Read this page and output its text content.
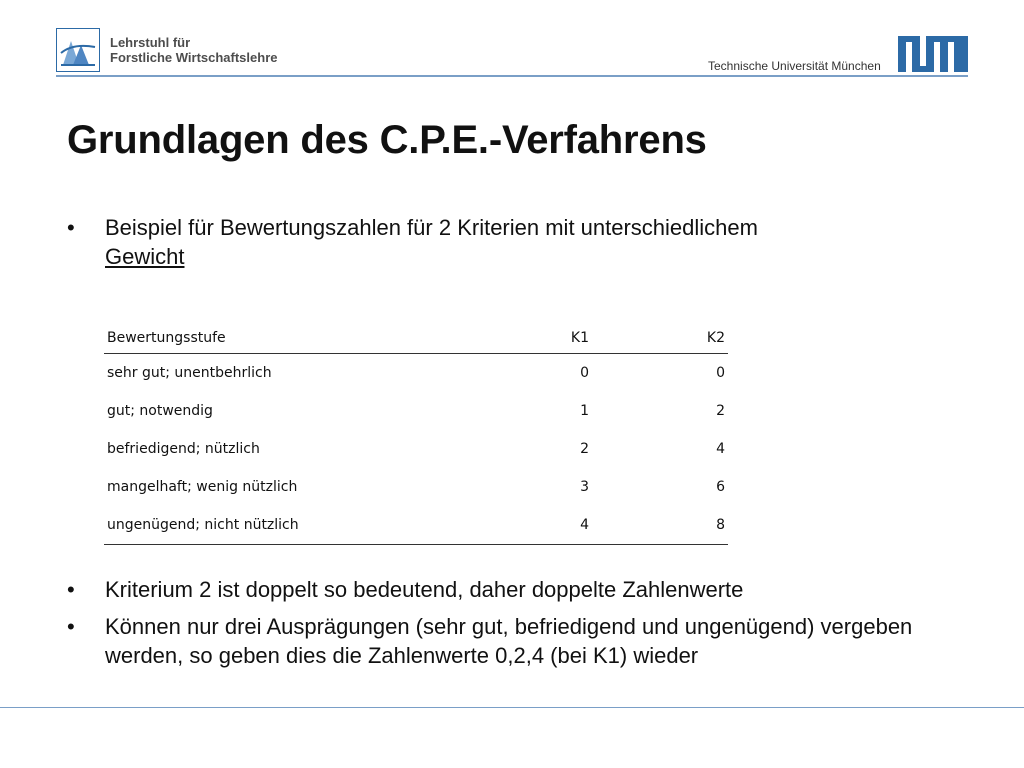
Lehrstuhl für
Forstliche Wirtschaftslehre
Technische Universität München
Grundlagen des C.P.E.-Verfahrens
•	Beispiel für Bewertungszahlen für 2 Kriterien mit unterschiedlichem
Gewicht
Bewertungsstufe	K1	K2
sehr gut; unentbehrlich	0	0
gut; notwendig	1	2
befriedigend; nützlich	2	4
mangelhaft; wenig nützlich	3	6
ungenügend; nicht nützlich	4	8
•	Kriterium 2 ist doppelt so bedeutend, daher doppelte Zahlenwerte
•	Können nur drei Ausprägungen (sehr gut, befriedigend und ungenügend) vergeben werden, so geben dies die Zahlenwerte 0,2,4 (bei K1) wieder
